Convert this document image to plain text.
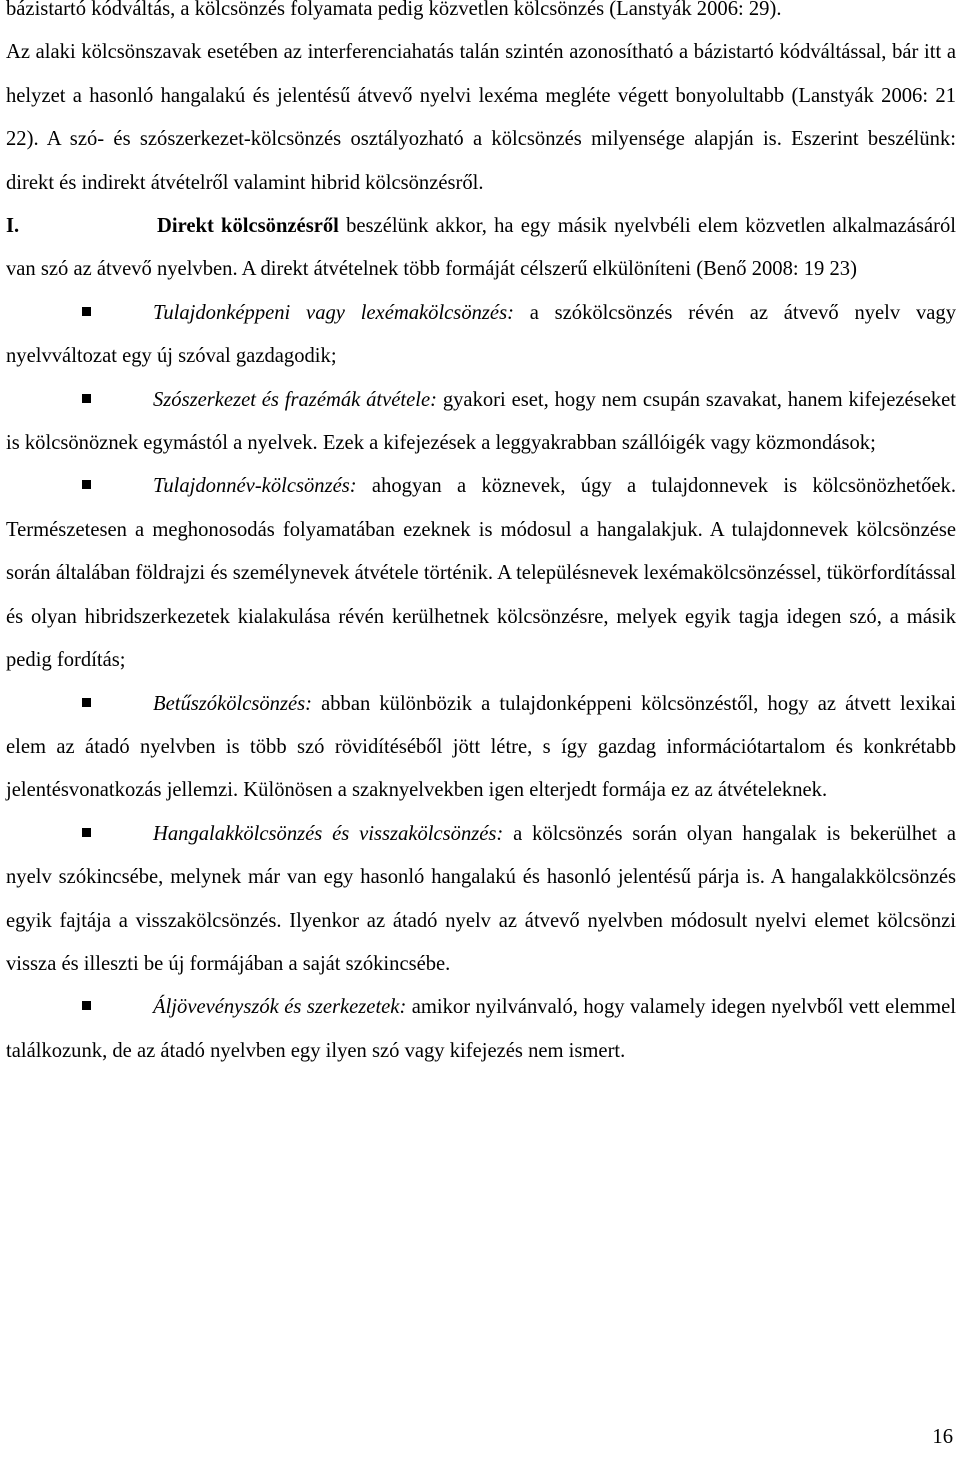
bázistartó kódváltás, a kölcsönzés folyamata pedig közvetlen kölcsönzés (Lanstyák 2006: 29).

Az alaki kölcsönszavak esetében az interferenciahatás talán szintén azonosítható a bázistartó kódváltással, bár itt a helyzet a hasonló hangalakú és jelentésű átvevő nyelvi lexéma megléte végett bonyolultabb (Lanstyák 2006: 21 22). A szó- és szószerkezet-kölcsönzés osztályozható a kölcsönzés milyensége alapján is. Eszerint beszélünk: direkt és indirekt átvételről valamint hibrid kölcsönzésről.

I.	Direkt kölcsönzésről beszélünk akkor, ha egy másik nyelvbéli elem közvetlen alkalmazásáról van szó az átvevő nyelvben. A direkt átvételnek több formáját célszerű elkülöníteni (Benő 2008: 19 23)

Tulajdonképpeni vagy lexémakölcsönzés: a szókölcsönzés révén az átvevő nyelv vagy nyelvváltozat egy új szóval gazdagodik;

Szószerkezet és frazémák átvétele: gyakori eset, hogy nem csupán szavakat, hanem kifejezéseket is kölcsönöznek egymástól a nyelvek. Ezek a kifejezések a leggyakrabban szállóigék vagy közmondások;

Tulajdonnév-kölcsönzés: ahogyan a köznevek, úgy a tulajdonnevek is kölcsönözhetőek. Természetesen a meghonosodás folyamatában ezeknek is módosul a hangalakjuk. A tulajdonnevek kölcsönzése során általában földrajzi és személynevek átvétele történik. A településnevek lexémakölcsönzéssel, tükörfordítással és olyan hibridszerkezetek kialakulása révén kerülhetnek kölcsönzésre, melyek egyik tagja idegen szó, a másik pedig fordítás;

Betűszókölcsönzés: abban különbözik a tulajdonképpeni kölcsönzéstől, hogy az átvett lexikai elem az átadó nyelvben is több szó rövidítéséből jött létre, s így gazdag információtartalom és konkrétabb jelentésvonatkozás jellemzi. Különösen a szaknyelvekben igen elterjedt formája ez az átvételeknek.

Hangalakkölcsönzés és visszakölcsönzés: a kölcsönzés során olyan hangalak is bekerülhet a nyelv szókincsébe, melynek már van egy hasonló hangalakú és hasonló jelentésű párja is. A hangalakkölcsönzés egyik fajtája a visszakölcsönzés. Ilyenkor az átadó nyelv az átvevő nyelvben módosult nyelvi elemet kölcsönzi vissza és illeszti be új formájában a saját szókincsébe.

Áljövevényszók és szerkezetek: amikor nyilvánvaló, hogy valamely idegen nyelvből vett elemmel találkozunk, de az átadó nyelvben egy ilyen szó vagy kifejezés nem ismert.

16
